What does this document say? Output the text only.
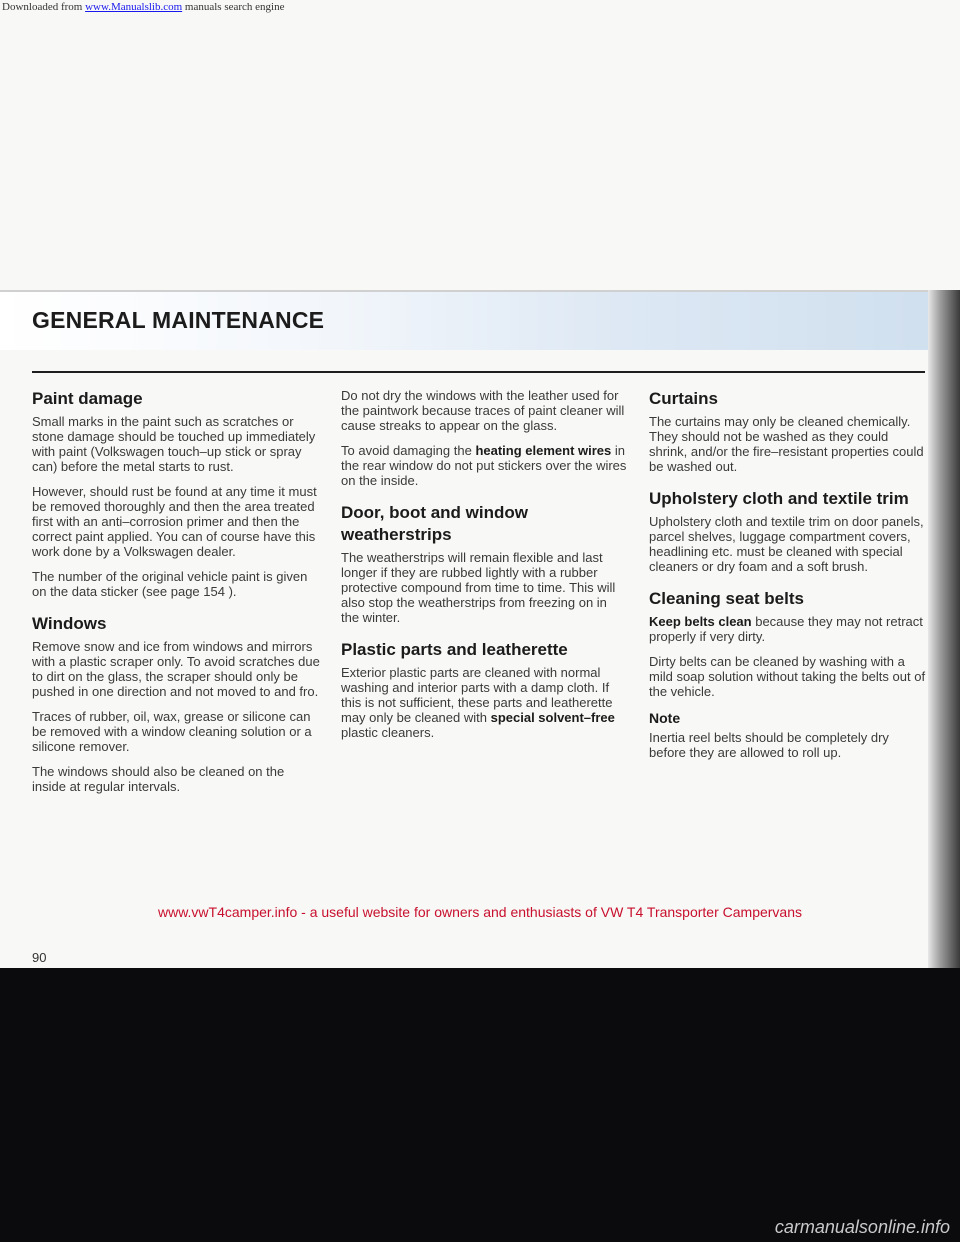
GENERAL MAINTENANCE
Paint damage

Small marks in the paint such as scratches or stone damage should be touched up immediately with paint (Volkswagen touch–up stick or spray can) before the metal starts to rust.

However, should rust be found at any time it must be removed thoroughly and then the area treated first with an anti–corrosion primer and then the correct paint applied. You can of course have this work done by a Volkswagen dealer.

The number of the original vehicle paint is given on the data sticker (see page 154 ).

Windows

Remove snow and ice from windows and mirrors with a plastic scraper only. To avoid scratches due to dirt on the glass, the scraper should only be pushed in one direction and not moved to and fro.

Traces of rubber, oil, wax, grease or silicone can be removed with a window cleaning solution or a silicone remover.

The windows should also be cleaned on the inside at regular intervals.

Do not dry the windows with the leather used for the paintwork because traces of paint cleaner will cause streaks to appear on the glass.

To avoid damaging the heating element wires in the rear window do not put stickers over the wires on the inside.

Door, boot and window weatherstrips

The weatherstrips will remain flexible and last longer if they are rubbed lightly with a rubber protective compound from time to time. This will also stop the weatherstrips from freezing on in the winter.

Plastic parts and leatherette

Exterior plastic parts are cleaned with normal washing and interior parts with a damp cloth. If this is not sufficient, these parts and leatherette may only be cleaned with special solvent–free plastic cleaners.

Curtains

The curtains may only be cleaned chemically. They should not be washed as they could shrink, and/or the fire–resistant properties could be washed out.

Upholstery cloth and textile trim

Upholstery cloth and textile trim on door panels, parcel shelves, luggage compartment covers, headlining etc. must be cleaned with special cleaners or dry foam and a soft brush.

Cleaning seat belts

Keep belts clean because they may not retract properly if very dirty.

Dirty belts can be cleaned by washing with a mild soap solution without taking the belts out of the vehicle.

Note

Inertia reel belts should be completely dry before they are allowed to roll up.

www.vwT4camper.info - a useful website for owners and enthusiasts of VW T4 Transporter Campervans
90
Downloaded from www.Manualslib.com manuals search engine
carmanualsonline.info
